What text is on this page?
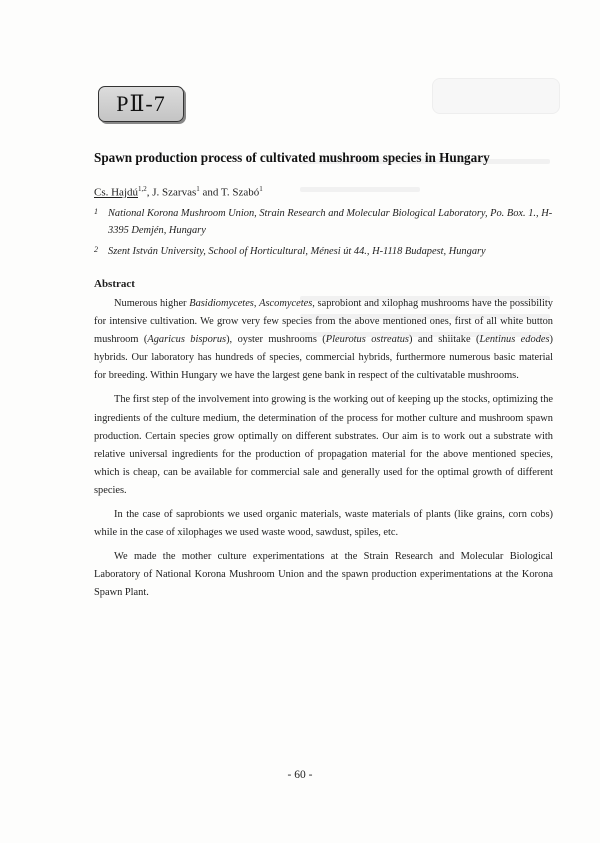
PⅡ-7
Spawn production process of cultivated mushroom species in Hungary
Cs. Hajdú$^{1,2}$, J. Szarvas$^1$ and T. Szabó$^1$
1 National Korona Mushroom Union, Strain Research and Molecular Biological Laboratory, Po. Box. 1., H-3395 Demjén, Hungary
2 Szent István University, School of Horticultural, Ménesi út 44., H-1118 Budapest, Hungary
Abstract

Numerous higher Basidiomycetes, Ascomycetes, saprobiont and xilophag mushrooms have the possibility for intensive cultivation. We grow very few species from the above mentioned ones, first of all white button mushroom (Agaricus bisporus), oyster mushrooms (Pleurotus ostreatus) and shiitake (Lentinus edodes) hybrids. Our laboratory has hundreds of species, commercial hybrids, furthermore numerous basic material for breeding. Within Hungary we have the largest gene bank in respect of the cultivatable mushrooms.

The first step of the involvement into growing is the working out of keeping up the stocks, optimizing the ingredients of the culture medium, the determination of the process for mother culture and mushroom spawn production. Certain species grow optimally on different substrates. Our aim is to work out a substrate with relative universal ingredients for the production of propagation material for the above mentioned species, which is cheap, can be available for commercial sale and generally used for the optimal growth of different species.

In the case of saprobionts we used organic materials, waste materials of plants (like grains, corn cobs) while in the case of xilophages we used waste wood, sawdust, spiles, etc.

We made the mother culture experimentations at the Strain Research and Molecular Biological Laboratory of National Korona Mushroom Union and the spawn production experimentations at the Korona Spawn Plant.

- 60 -
